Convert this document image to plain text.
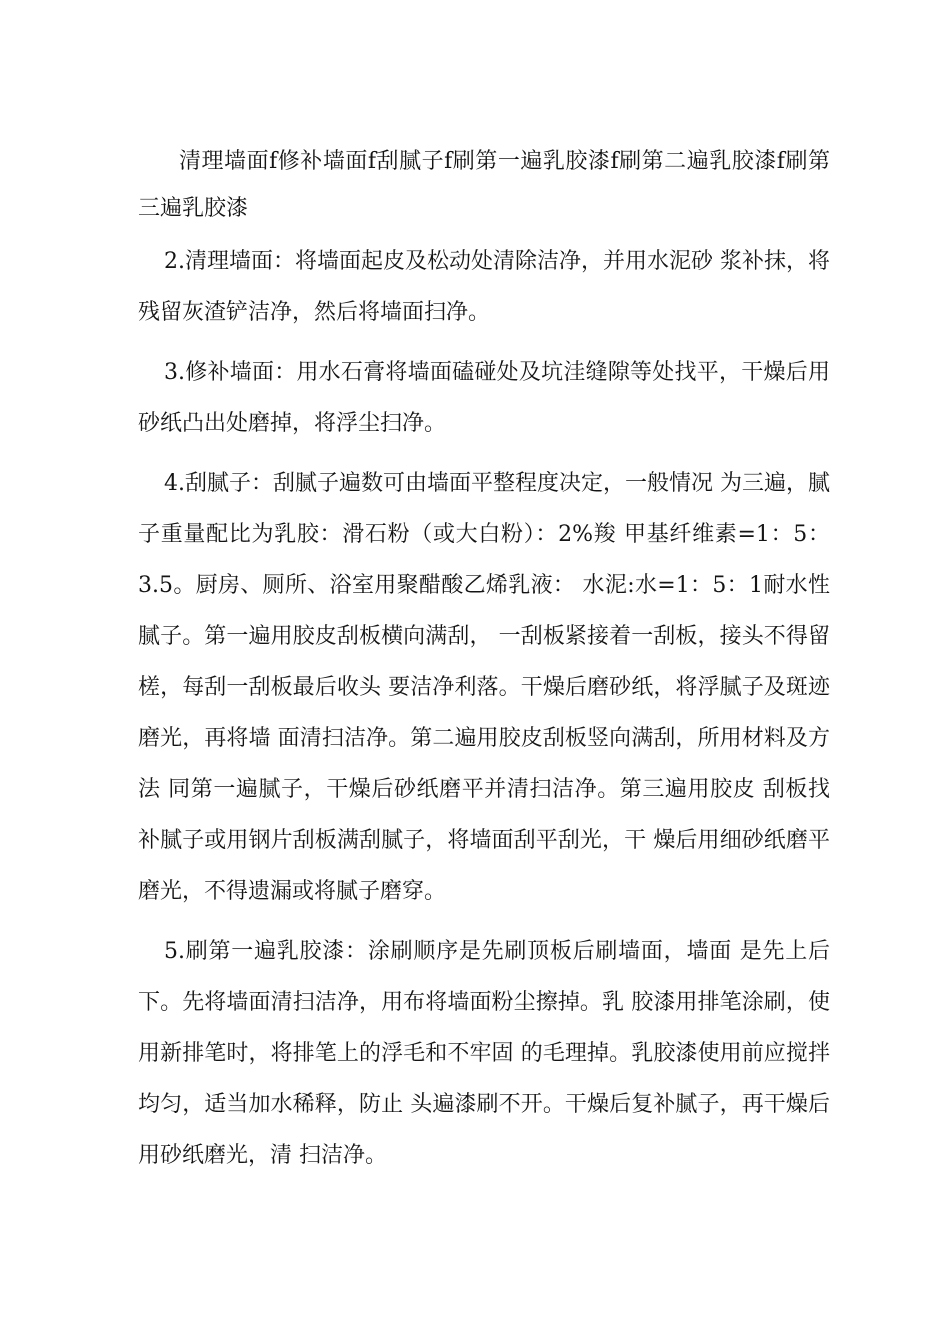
清理墙面f修补墙面f刮腻子f刷第一遍乳胶漆f刷第二遍乳胶漆f刷第三遍乳胶漆

2.清理墙面：将墙面起皮及松动处清除洁净，并用水泥砂 浆补抹，将残留灰渣铲洁净，然后将墙面扫净。

3.修补墙面：用水石膏将墙面磕碰处及坑洼缝隙等处找平，干燥后用砂纸凸出处磨掉，将浮尘扫净。

4.刮腻子：刮腻子遍数可由墙面平整程度决定，一般情况 为三遍，腻子重量配比为乳胶：滑石粉（或大白粉）：2%羧 甲基纤维素=1：5：3.5。厨房、厕所、浴室用聚醋酸乙烯乳液： 水泥:水=1：5：1耐水性腻子。第一遍用胶皮刮板横向满刮， 一刮板紧接着一刮板，接头不得留槎，每刮一刮板最后收头 要洁净利落。干燥后磨砂纸，将浮腻子及斑迹磨光，再将墙 面清扫洁净。第二遍用胶皮刮板竖向满刮，所用材料及方法 同第一遍腻子，干燥后砂纸磨平并清扫洁净。第三遍用胶皮 刮板找补腻子或用钢片刮板满刮腻子，将墙面刮平刮光，干 燥后用细砂纸磨平磨光，不得遗漏或将腻子磨穿。

5.刷第一遍乳胶漆：涂刷顺序是先刷顶板后刷墙面，墙面 是先上后下。先将墙面清扫洁净，用布将墙面粉尘擦掉。乳 胶漆用排笔涂刷，使用新排笔时，将排笔上的浮毛和不牢固 的毛理掉。乳胶漆使用前应搅拌均匀，适当加水稀释，防止 头遍漆刷不开。干燥后复补腻子，再干燥后用砂纸磨光，清 扫洁净。
